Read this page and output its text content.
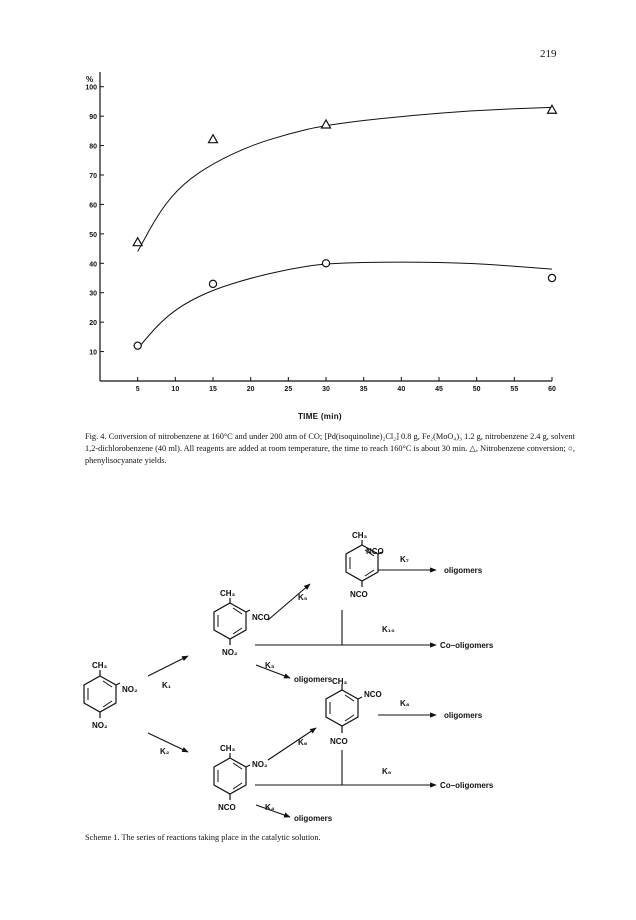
219
%
5	10	15	20	25	30	35	40	45	50	55	60
10
20
30
40
50
60
70
80
90
100
TIME (min)
Fig. 4. Conversion of nitrobenzene at 160°C and under 200 atm of CO; [Pd(isoquinoline)₂Cl₂] 0.8 g, Fe₂(MoO₄)₃ 1.2 g, nitrobenzene 2.4 g, solvent 1,2-dichlorobenzene (40 ml). All reagents are added at room temperature, the time to reach 160°C is about 30 min. △, Nitrobenzene conversion; ○, phenylisocyanate yields.
CH₃
NO₂
NO₂
CH₃
NCO
NO₂
CH₃
NO₂
NCO
CH₃
NCO
NCO
CH₃
NCO
NCO
K₁
K₂
K₃
K₄
K₅
K₆
K₇
K₈
K₉
K₁₀
oligomers
Co–oligomers
oligomers
Co–oligomers
oligomers
oligomers
Scheme 1. The series of reactions taking place in the catalytic solution.
